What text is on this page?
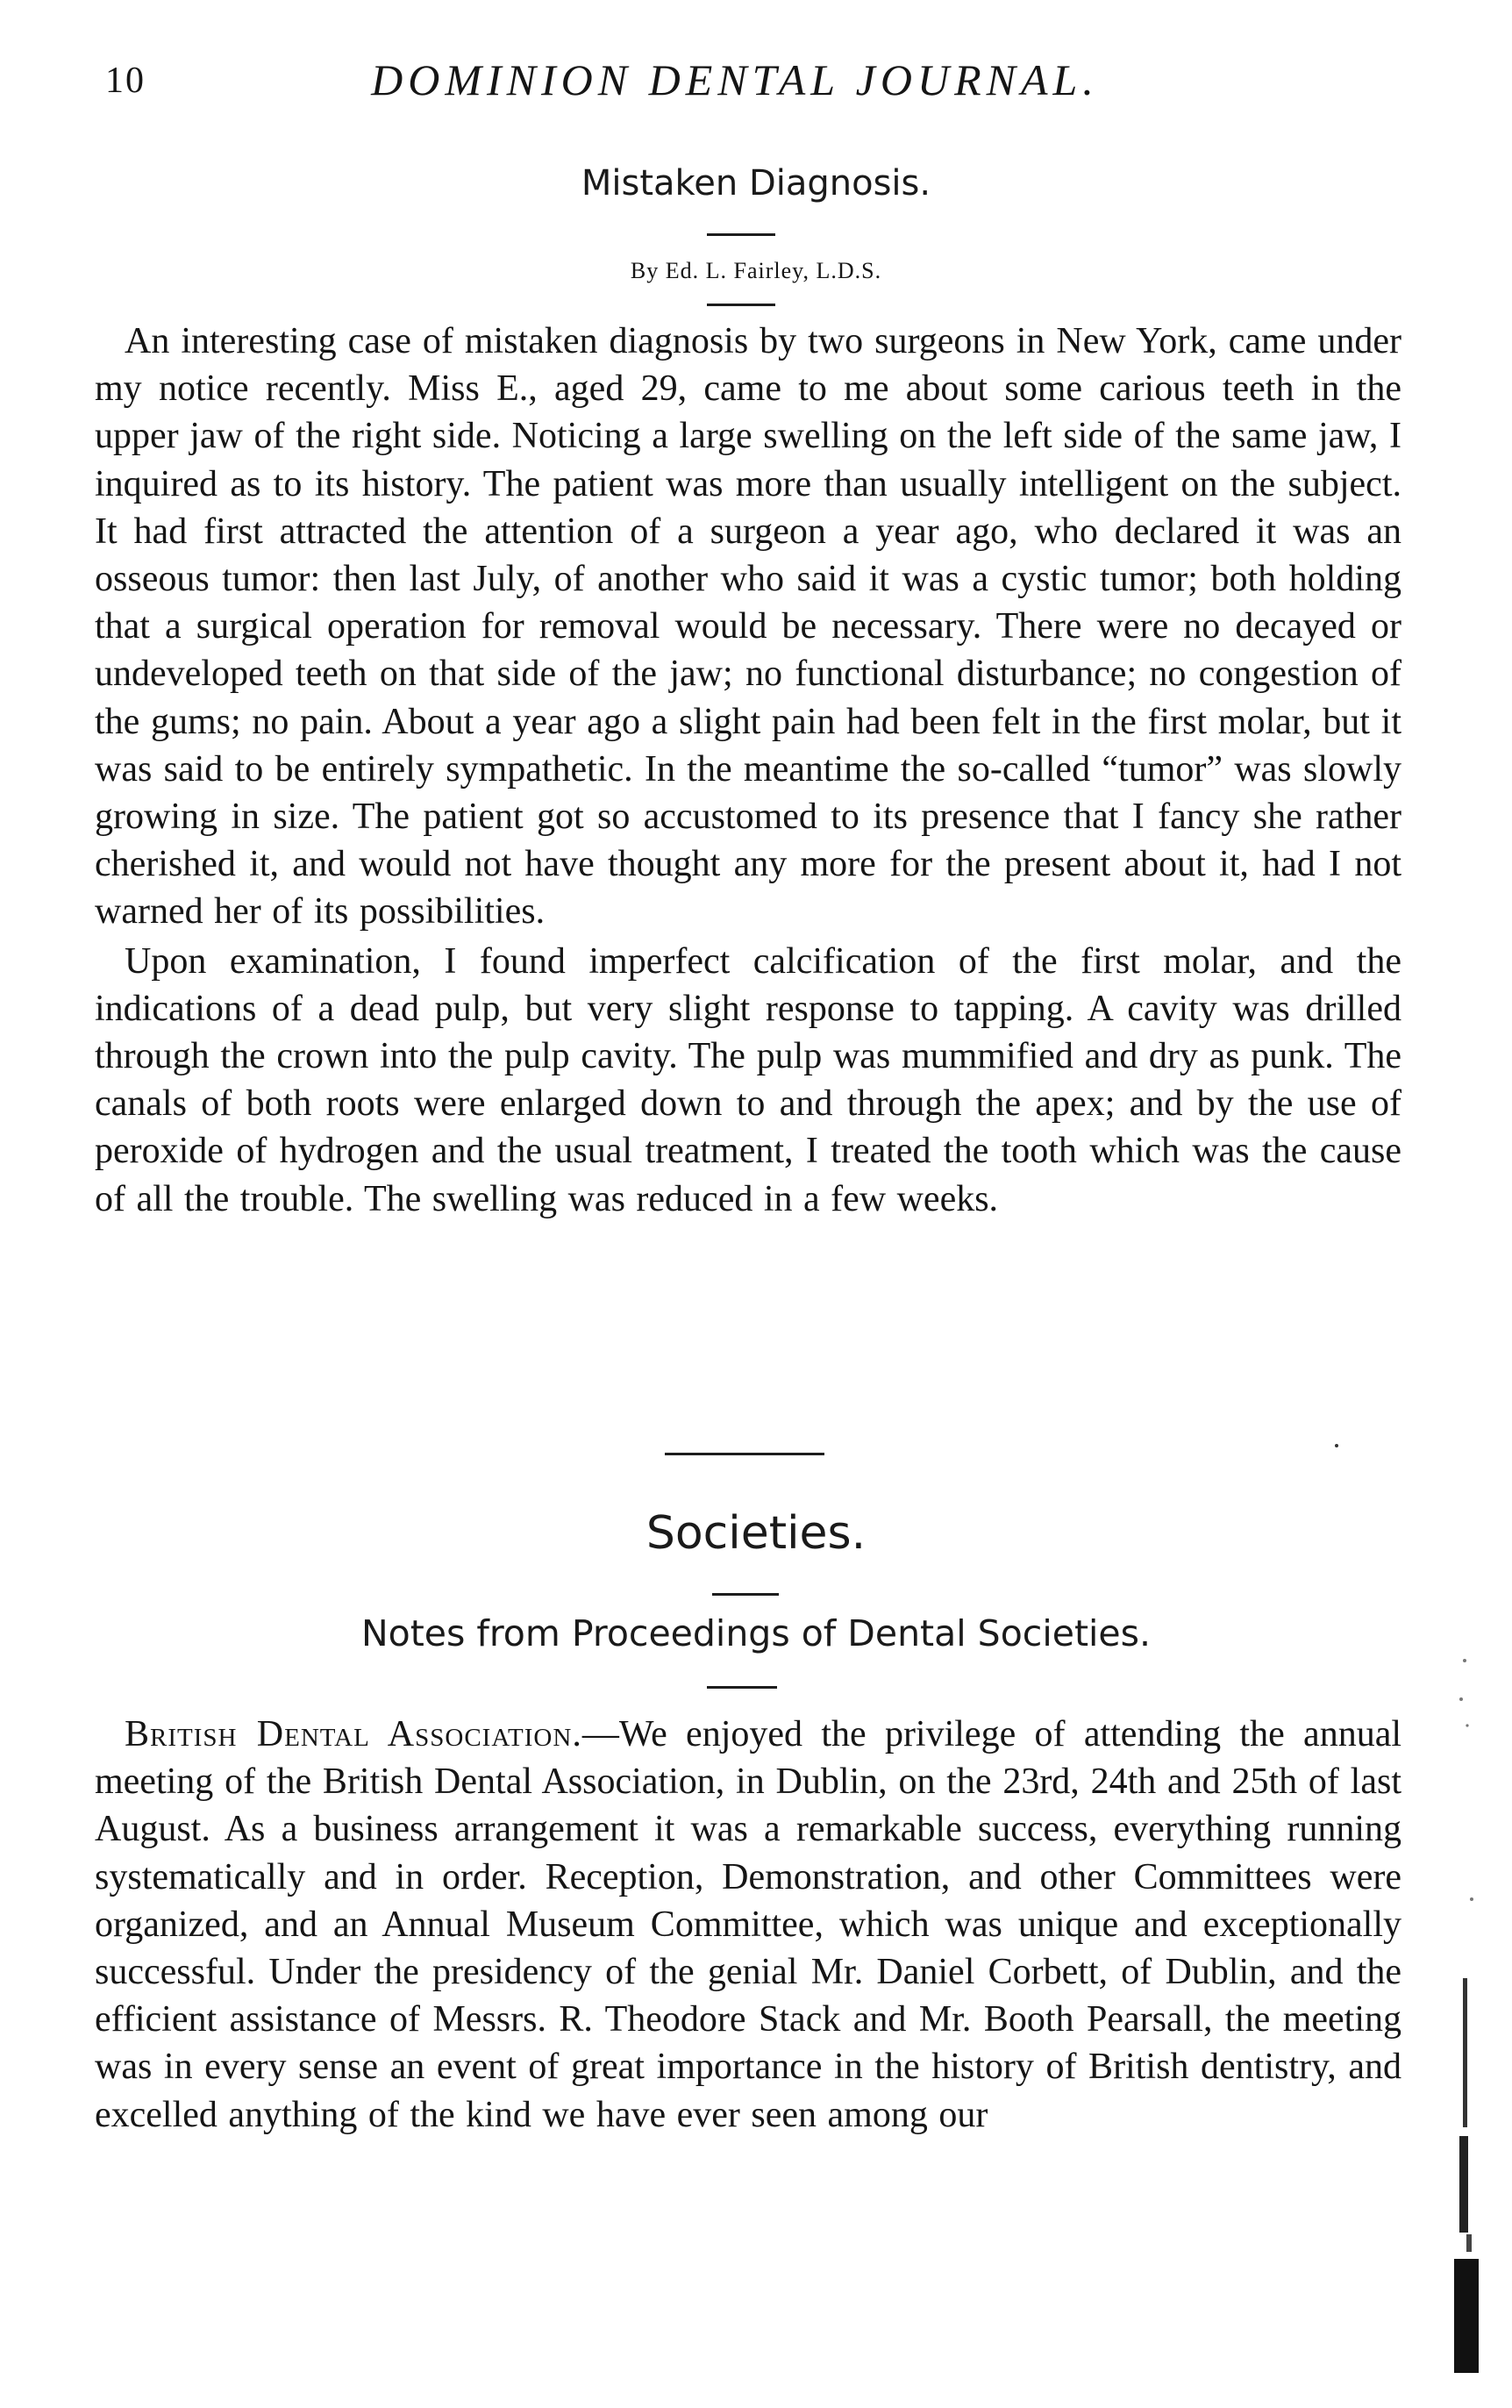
10	DOMINION DENTAL JOURNAL.
Mistaken Diagnosis.
By Ed. L. Fairley, L.D.S.

An interesting case of mistaken diagnosis by two surgeons in New York, came under my notice recently. Miss E., aged 29, came to me about some carious teeth in the upper jaw of the right side. Noticing a large swelling on the left side of the same jaw, I inquired as to its history. The patient was more than usually intelligent on the subject. It had first attracted the attention of a surgeon a year ago, who declared it was an osseous tumor: then last July, of another who said it was a cystic tumor; both holding that a surgical operation for removal would be necessary. There were no decayed or undeveloped teeth on that side of the jaw; no functional disturbance; no congestion of the gums; no pain. About a year ago a slight pain had been felt in the first molar, but it was said to be entirely sympathetic. In the meantime the so-called “tumor” was slowly growing in size. The patient got so accustomed to its presence that I fancy she rather cherished it, and would not have thought any more for the present about it, had I not warned her of its possibilities.

Upon examination, I found imperfect calcification of the first molar, and the indications of a dead pulp, but very slight response to tapping. A cavity was drilled through the crown into the pulp cavity. The pulp was mummified and dry as punk. The canals of both roots were enlarged down to and through the apex; and by the use of peroxide of hydrogen and the usual treatment, I treated the tooth which was the cause of all the trouble. The swelling was reduced in a few weeks.

Societies.
Notes from Proceedings of Dental Societies.

British Dental Association.—We enjoyed the privilege of attending the annual meeting of the British Dental Association, in Dublin, on the 23rd, 24th and 25th of last August. As a business arrangement it was a remarkable success, everything running systematically and in order. Reception, Demonstration, and other Committees were organized, and an Annual Museum Committee, which was unique and exceptionally successful. Under the presidency of the genial Mr. Daniel Corbett, of Dublin, and the efficient assistance of Messrs. R. Theodore Stack and Mr. Booth Pearsall, the meeting was in every sense an event of great importance in the history of British dentistry, and excelled anything of the kind we have ever seen among our
